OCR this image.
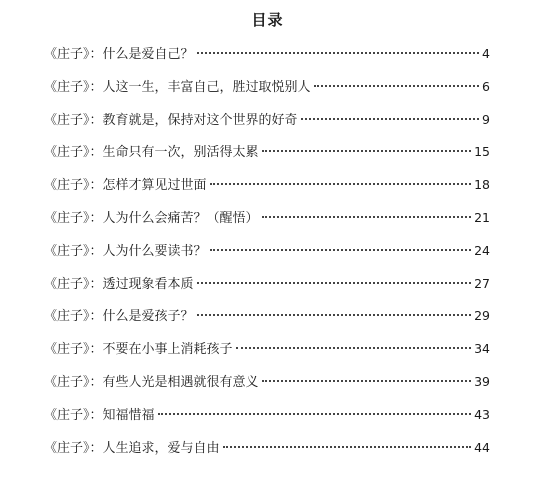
目录
《庄子》：什么是爱自己？	4
《庄子》：人这一生，丰富自己，胜过取悦别人	6
《庄子》：教育就是，保持对这个世界的好奇	9
《庄子》：生命只有一次，别活得太累	15
《庄子》：怎样才算见过世面	18
《庄子》：人为什么会痛苦？（醒悟）	21
《庄子》：人为什么要读书？	24
《庄子》：透过现象看本质	27
《庄子》：什么是爱孩子？	29
《庄子》：不要在小事上消耗孩子	34
《庄子》：有些人光是相遇就很有意义	39
《庄子》：知福惜福	43
《庄子》：人生追求，爱与自由	44
